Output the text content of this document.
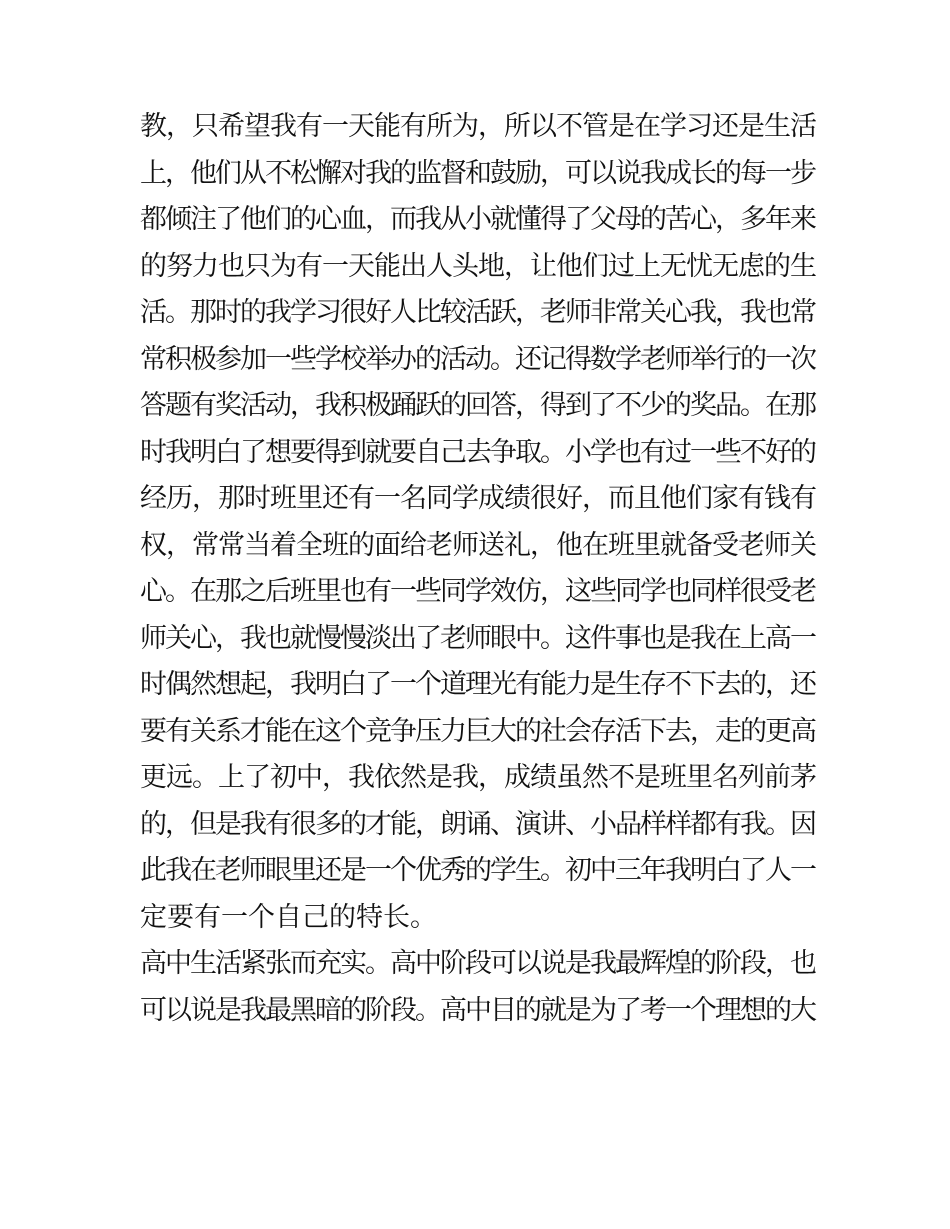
教，只希望我有一天能有所为，所以不管是在学习还是生活
上，他们从不松懈对我的监督和鼓励，可以说我成长的每一步
都倾注了他们的心血，而我从小就懂得了父母的苦心，多年来
的努力也只为有一天能出人头地，让他们过上无忧无虑的生
活。那时的我学习很好人比较活跃，老师非常关心我，我也常
常积极参加一些学校举办的活动。还记得数学老师举行的一次
答题有奖活动，我积极踊跃的回答，得到了不少的奖品。在那
时我明白了想要得到就要自己去争取。小学也有过一些不好的
经历，那时班里还有一名同学成绩很好，而且他们家有钱有
权，常常当着全班的面给老师送礼，他在班里就备受老师关
心。在那之后班里也有一些同学效仿，这些同学也同样很受老
师关心，我也就慢慢淡出了老师眼中。这件事也是我在上高一
时偶然想起，我明白了一个道理光有能力是生存不下去的，还
要有关系才能在这个竞争压力巨大的社会存活下去，走的更高
更远。上了初中，我依然是我，成绩虽然不是班里名列前茅
的，但是我有很多的才能，朗诵、演讲、小品样样都有我。因
此我在老师眼里还是一个优秀的学生。初中三年我明白了人一
定要有一个自己的特长。
高中生活紧张而充实。高中阶段可以说是我最辉煌的阶段，也
可以说是我最黑暗的阶段。高中目的就是为了考一个理想的大
